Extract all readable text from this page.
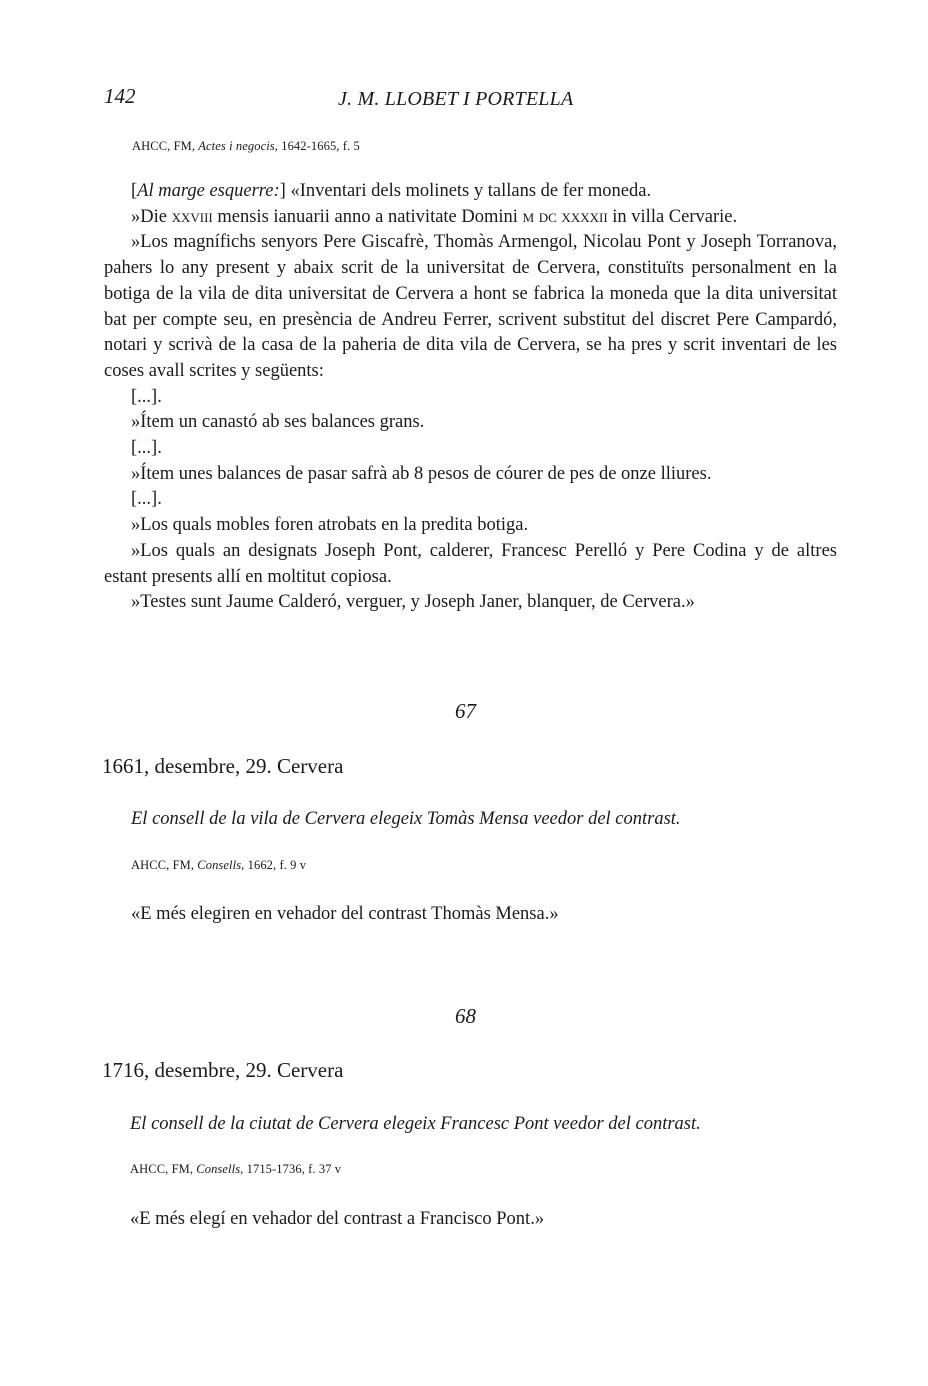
142	J. M. LLOBET I PORTELLA
AHCC, FM, Actes i negocis, 1642-1665, f. 5

[Al marge esquerre:] «Inventari dels molinets y tallans de fer moneda.

»Die xxviii mensis ianuarii anno a nativitate Domini m dc xxxxii in villa Cervarie.

»Los magnífichs senyors Pere Giscafrè, Thomàs Armengol, Nicolau Pont y Joseph Torranova, pahers lo any present y abaix scrit de la universitat de Cervera, constituïts personalment en la botiga de la vila de dita universitat de Cervera a hont se fabrica la moneda que la dita universitat bat per compte seu, en presència de Andreu Ferrer, scrivent substitut del discret Pere Campardó, notari y scrivà de la casa de la paheria de dita vila de Cervera, se ha pres y scrit inventari de les coses avall scrites y següents:

[...].

»Ítem un canastó ab ses balances grans.

[...].

»Ítem unes balances de pasar safrà ab 8 pesos de cóurer de pes de onze lliures.

[...].

»Los quals mobles foren atrobats en la predita botiga.

»Los quals an designats Joseph Pont, calderer, Francesc Perelló y Pere Codina y de altres estant presents allí en moltitut copiosa.

»Testes sunt Jaume Calderó, verguer, y Joseph Janer, blanquer, de Cervera.»

67
1661, desembre, 29. Cervera
El consell de la vila de Cervera elegeix Tomàs Mensa veedor del contrast.
AHCC, FM, Consells, 1662, f. 9 v
«E més elegiren en vehador del contrast Thomàs Mensa.»
68
1716, desembre, 29. Cervera
El consell de la ciutat de Cervera elegeix Francesc Pont veedor del contrast.
AHCC, FM, Consells, 1715-1736, f. 37 v
«E més elegí en vehador del contrast a Francisco Pont.»
